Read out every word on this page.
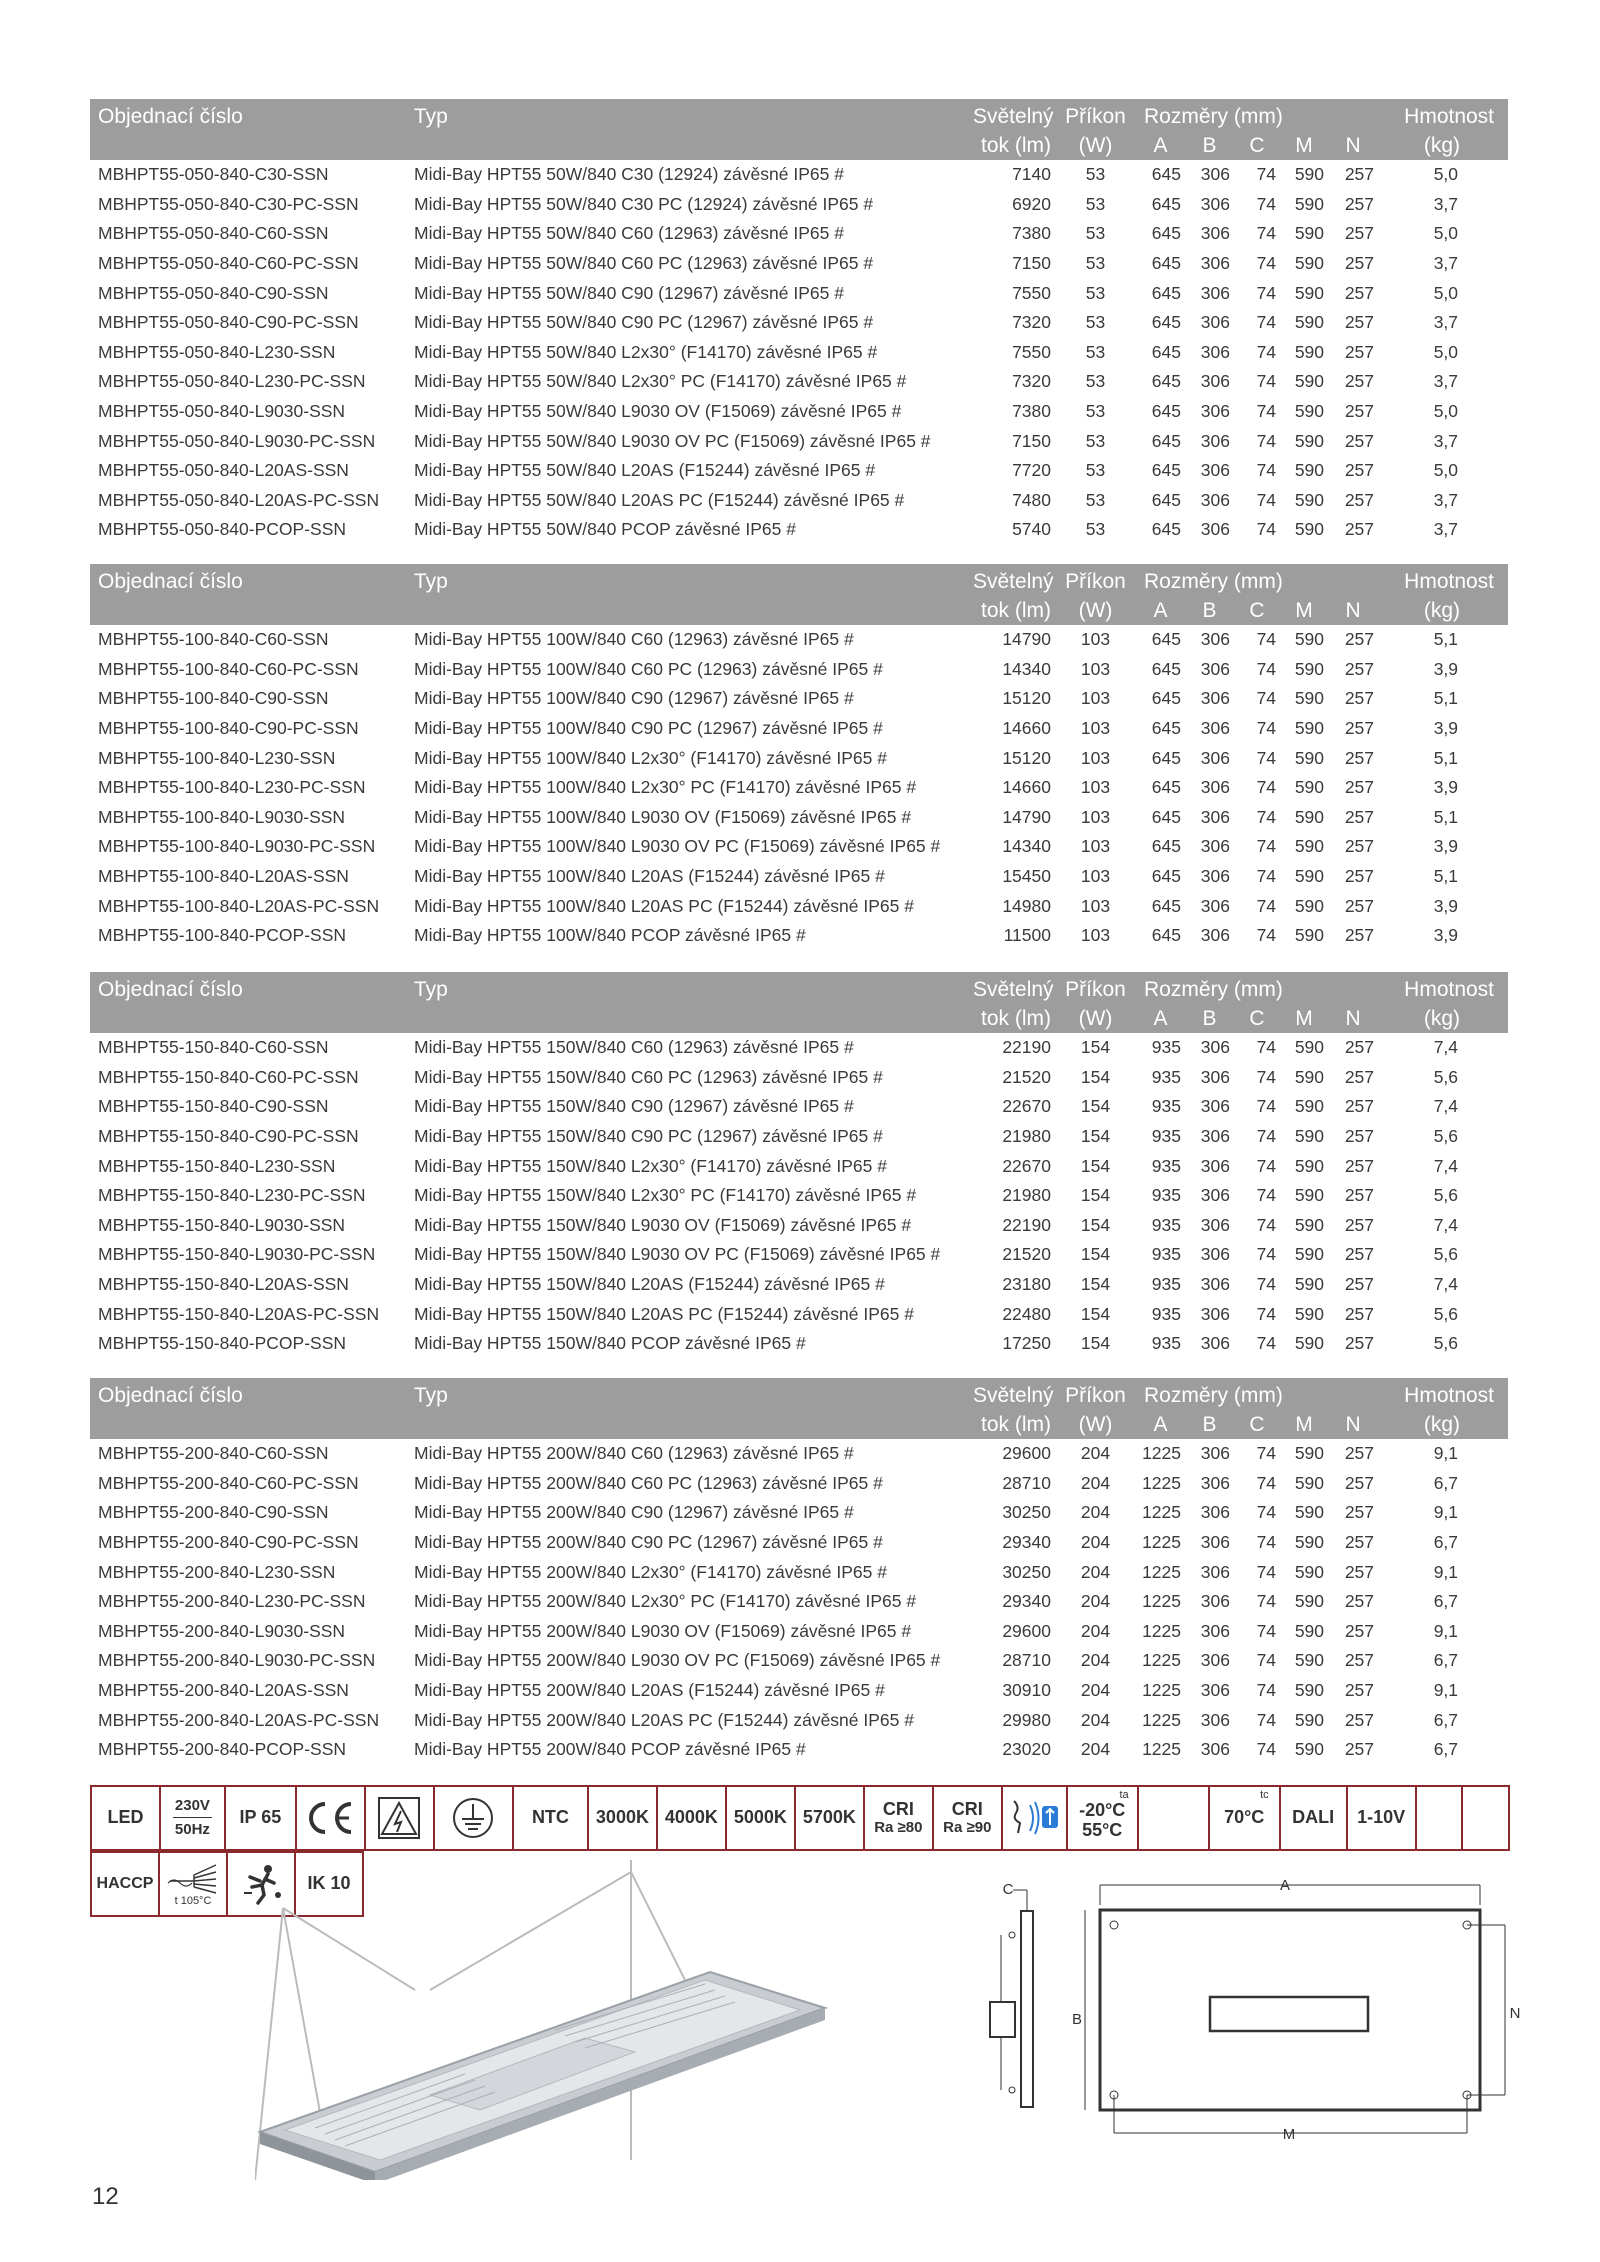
Objednací číslo	Typ	Světelný	Příkon	Rozměry (mm)					Hmotnost
		tok (lm)	(W)	A	B	C	M	N	(kg)
MBHPT55-050-840-C30-SSN	Midi-Bay HPT55 50W/840 C30 (12924) závěsné IP65 #	7140	53	645	306	74	590	257	5,0
MBHPT55-050-840-C30-PC-SSN	Midi-Bay HPT55 50W/840 C30 PC (12924) závěsné IP65 #	6920	53	645	306	74	590	257	3,7
MBHPT55-050-840-C60-SSN	Midi-Bay HPT55 50W/840 C60 (12963) závěsné IP65 #	7380	53	645	306	74	590	257	5,0
MBHPT55-050-840-C60-PC-SSN	Midi-Bay HPT55 50W/840 C60 PC (12963) závěsné IP65 #	7150	53	645	306	74	590	257	3,7
MBHPT55-050-840-C90-SSN	Midi-Bay HPT55 50W/840 C90 (12967) závěsné IP65 #	7550	53	645	306	74	590	257	5,0
MBHPT55-050-840-C90-PC-SSN	Midi-Bay HPT55 50W/840 C90 PC (12967) závěsné IP65 #	7320	53	645	306	74	590	257	3,7
MBHPT55-050-840-L230-SSN	Midi-Bay HPT55 50W/840 L2x30° (F14170) závěsné IP65 #	7550	53	645	306	74	590	257	5,0
MBHPT55-050-840-L230-PC-SSN	Midi-Bay HPT55 50W/840 L2x30° PC (F14170) závěsné IP65 #	7320	53	645	306	74	590	257	3,7
MBHPT55-050-840-L9030-SSN	Midi-Bay HPT55 50W/840 L9030 OV (F15069) závěsné IP65 #	7380	53	645	306	74	590	257	5,0
MBHPT55-050-840-L9030-PC-SSN	Midi-Bay HPT55 50W/840 L9030 OV PC (F15069) závěsné IP65 #	7150	53	645	306	74	590	257	3,7
MBHPT55-050-840-L20AS-SSN	Midi-Bay HPT55 50W/840 L20AS (F15244) závěsné IP65 #	7720	53	645	306	74	590	257	5,0
MBHPT55-050-840-L20AS-PC-SSN	Midi-Bay HPT55 50W/840 L20AS PC (F15244) závěsné IP65 #	7480	53	645	306	74	590	257	3,7
MBHPT55-050-840-PCOP-SSN	Midi-Bay HPT55 50W/840 PCOP závěsné IP65 #	5740	53	645	306	74	590	257	3,7
Objednací číslo	Typ	Světelný	Příkon	Rozměry (mm)					Hmotnost
		tok (lm)	(W)	A	B	C	M	N	(kg)
MBHPT55-100-840-C60-SSN	Midi-Bay HPT55 100W/840 C60 (12963) závěsné IP65 #	14790	103	645	306	74	590	257	5,1
MBHPT55-100-840-C60-PC-SSN	Midi-Bay HPT55 100W/840 C60 PC (12963) závěsné IP65 #	14340	103	645	306	74	590	257	3,9
MBHPT55-100-840-C90-SSN	Midi-Bay HPT55 100W/840 C90 (12967) závěsné IP65 #	15120	103	645	306	74	590	257	5,1
MBHPT55-100-840-C90-PC-SSN	Midi-Bay HPT55 100W/840 C90 PC (12967) závěsné IP65 #	14660	103	645	306	74	590	257	3,9
MBHPT55-100-840-L230-SSN	Midi-Bay HPT55 100W/840 L2x30° (F14170) závěsné IP65 #	15120	103	645	306	74	590	257	5,1
MBHPT55-100-840-L230-PC-SSN	Midi-Bay HPT55 100W/840 L2x30° PC (F14170) závěsné IP65 #	14660	103	645	306	74	590	257	3,9
MBHPT55-100-840-L9030-SSN	Midi-Bay HPT55 100W/840 L9030 OV (F15069) závěsné IP65 #	14790	103	645	306	74	590	257	5,1
MBHPT55-100-840-L9030-PC-SSN	Midi-Bay HPT55 100W/840 L9030 OV PC (F15069) závěsné IP65 #	14340	103	645	306	74	590	257	3,9
MBHPT55-100-840-L20AS-SSN	Midi-Bay HPT55 100W/840 L20AS (F15244) závěsné IP65 #	15450	103	645	306	74	590	257	5,1
MBHPT55-100-840-L20AS-PC-SSN	Midi-Bay HPT55 100W/840 L20AS PC (F15244) závěsné IP65 #	14980	103	645	306	74	590	257	3,9
MBHPT55-100-840-PCOP-SSN	Midi-Bay HPT55 100W/840 PCOP závěsné IP65 #	11500	103	645	306	74	590	257	3,9
Objednací číslo	Typ	Světelný	Příkon	Rozměry (mm)					Hmotnost
		tok (lm)	(W)	A	B	C	M	N	(kg)
MBHPT55-150-840-C60-SSN	Midi-Bay HPT55 150W/840 C60 (12963) závěsné IP65 #	22190	154	935	306	74	590	257	7,4
MBHPT55-150-840-C60-PC-SSN	Midi-Bay HPT55 150W/840 C60 PC (12963) závěsné IP65 #	21520	154	935	306	74	590	257	5,6
MBHPT55-150-840-C90-SSN	Midi-Bay HPT55 150W/840 C90 (12967) závěsné IP65 #	22670	154	935	306	74	590	257	7,4
MBHPT55-150-840-C90-PC-SSN	Midi-Bay HPT55 150W/840 C90 PC (12967) závěsné IP65 #	21980	154	935	306	74	590	257	5,6
MBHPT55-150-840-L230-SSN	Midi-Bay HPT55 150W/840 L2x30° (F14170) závěsné IP65 #	22670	154	935	306	74	590	257	7,4
MBHPT55-150-840-L230-PC-SSN	Midi-Bay HPT55 150W/840 L2x30° PC (F14170) závěsné IP65 #	21980	154	935	306	74	590	257	5,6
MBHPT55-150-840-L9030-SSN	Midi-Bay HPT55 150W/840 L9030 OV (F15069) závěsné IP65 #	22190	154	935	306	74	590	257	7,4
MBHPT55-150-840-L9030-PC-SSN	Midi-Bay HPT55 150W/840 L9030 OV PC (F15069) závěsné IP65 #	21520	154	935	306	74	590	257	5,6
MBHPT55-150-840-L20AS-SSN	Midi-Bay HPT55 150W/840 L20AS (F15244) závěsné IP65 #	23180	154	935	306	74	590	257	7,4
MBHPT55-150-840-L20AS-PC-SSN	Midi-Bay HPT55 150W/840 L20AS PC (F15244) závěsné IP65 #	22480	154	935	306	74	590	257	5,6
MBHPT55-150-840-PCOP-SSN	Midi-Bay HPT55 150W/840 PCOP závěsné IP65 #	17250	154	935	306	74	590	257	5,6
Objednací číslo	Typ	Světelný	Příkon	Rozměry (mm)					Hmotnost
		tok (lm)	(W)	A	B	C	M	N	(kg)
MBHPT55-200-840-C60-SSN	Midi-Bay HPT55 200W/840 C60 (12963) závěsné IP65 #	29600	204	1225	306	74	590	257	9,1
MBHPT55-200-840-C60-PC-SSN	Midi-Bay HPT55 200W/840 C60 PC (12963) závěsné IP65 #	28710	204	1225	306	74	590	257	6,7
MBHPT55-200-840-C90-SSN	Midi-Bay HPT55 200W/840 C90 (12967) závěsné IP65 #	30250	204	1225	306	74	590	257	9,1
MBHPT55-200-840-C90-PC-SSN	Midi-Bay HPT55 200W/840 C90 PC (12967) závěsné IP65 #	29340	204	1225	306	74	590	257	6,7
MBHPT55-200-840-L230-SSN	Midi-Bay HPT55 200W/840 L2x30° (F14170) závěsné IP65 #	30250	204	1225	306	74	590	257	9,1
MBHPT55-200-840-L230-PC-SSN	Midi-Bay HPT55 200W/840 L2x30° PC (F14170) závěsné IP65 #	29340	204	1225	306	74	590	257	6,7
MBHPT55-200-840-L9030-SSN	Midi-Bay HPT55 200W/840 L9030 OV (F15069) závěsné IP65 #	29600	204	1225	306	74	590	257	9,1
MBHPT55-200-840-L9030-PC-SSN	Midi-Bay HPT55 200W/840 L9030 OV PC (F15069) závěsné IP65 #	28710	204	1225	306	74	590	257	6,7
MBHPT55-200-840-L20AS-SSN	Midi-Bay HPT55 200W/840 L20AS (F15244) závěsné IP65 #	30910	204	1225	306	74	590	257	9,1
MBHPT55-200-840-L20AS-PC-SSN	Midi-Bay HPT55 200W/840 L20AS PC (F15244) závěsné IP65 #	29980	204	1225	306	74	590	257	6,7
MBHPT55-200-840-PCOP-SSN	Midi-Bay HPT55 200W/840 PCOP závěsné IP65 #	23020	204	1225	306	74	590	257	6,7
LED	230V
50Hz
	IP 65				NTC	3000K	4000K	5000K	5700K	CRI
Ra ≥80

CRI
Ra ≥90

ta
-20°C
55°C

tc
70°C	DALI	1-10V		
HACCP	
t 105°C

	IK 10	A
B
C
M
N
12
